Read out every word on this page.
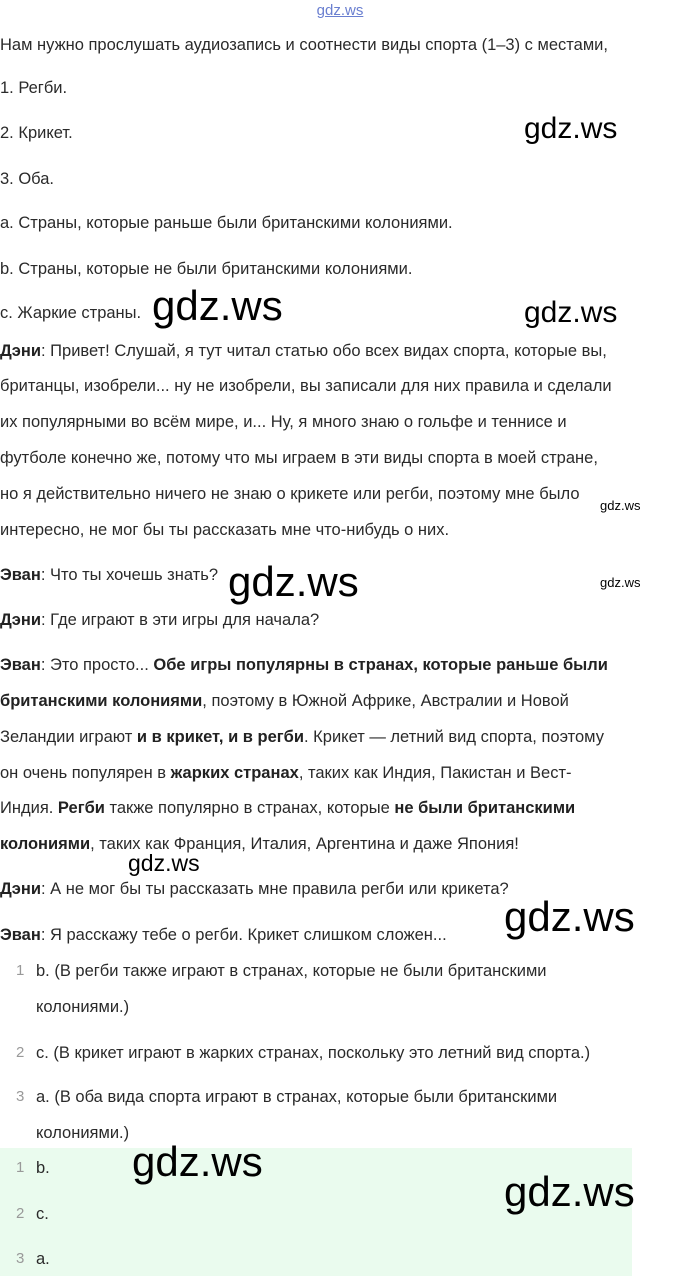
gdz.ws
Нам нужно прослушать аудиозапись и соотнести виды спорта (1–3) с местами,
1. Регби.
2. Крикет.
3. Оба.
a. Страны, которые раньше были британскими колониями.
b. Страны, которые не были британскими колониями.
c. Жаркие страны.
Дэни: Привет! Слушай, я тут читал статью обо всех видах спорта, которые вы,
британцы, изобрели... ну не изобрели, вы записали для них правила и сделали
их популярными во всём мире, и... Ну, я много знаю о гольфе и теннисе и
футболе конечно же, потому что мы играем в эти виды спорта в моей стране,
но я действительно ничего не знаю о крикете или регби, поэтому мне было
интересно, не мог бы ты рассказать мне что-нибудь о них.
Эван: Что ты хочешь знать?
Дэни: Где играют в эти игры для начала?
Эван: Это просто... Обе игры популярны в странах, которые раньше были
британскими колониями, поэтому в Южной Африке, Австралии и Новой
Зеландии играют и в крикет, и в регби. Крикет — летний вид спорта, поэтому
он очень популярен в жарких странах, таких как Индия, Пакистан и Вест-
Индия. Регби также популярно в странах, которые не были британскими
колониями, таких как Франция, Италия, Аргентина и даже Япония!
Дэни: А не мог бы ты рассказать мне правила регби или крикета?
Эван: Я расскажу тебе о регби. Крикет слишком сложен...
1 b. (В регби также играют в странах, которые не были британскими
колониями.)
2 c. (В крикет играют в жарких странах, поскольку это летний вид спорта.)
3 a. (В оба вида спорта играют в странах, которые были британскими
колониями.)
1 b.
2 c.
3 a.
gdz.ws
gdz.ws	gdz.ws
gdz.ws
gdz.ws	gdz.ws
gdz.ws
gdz.ws
gdz.ws
gdz.ws
